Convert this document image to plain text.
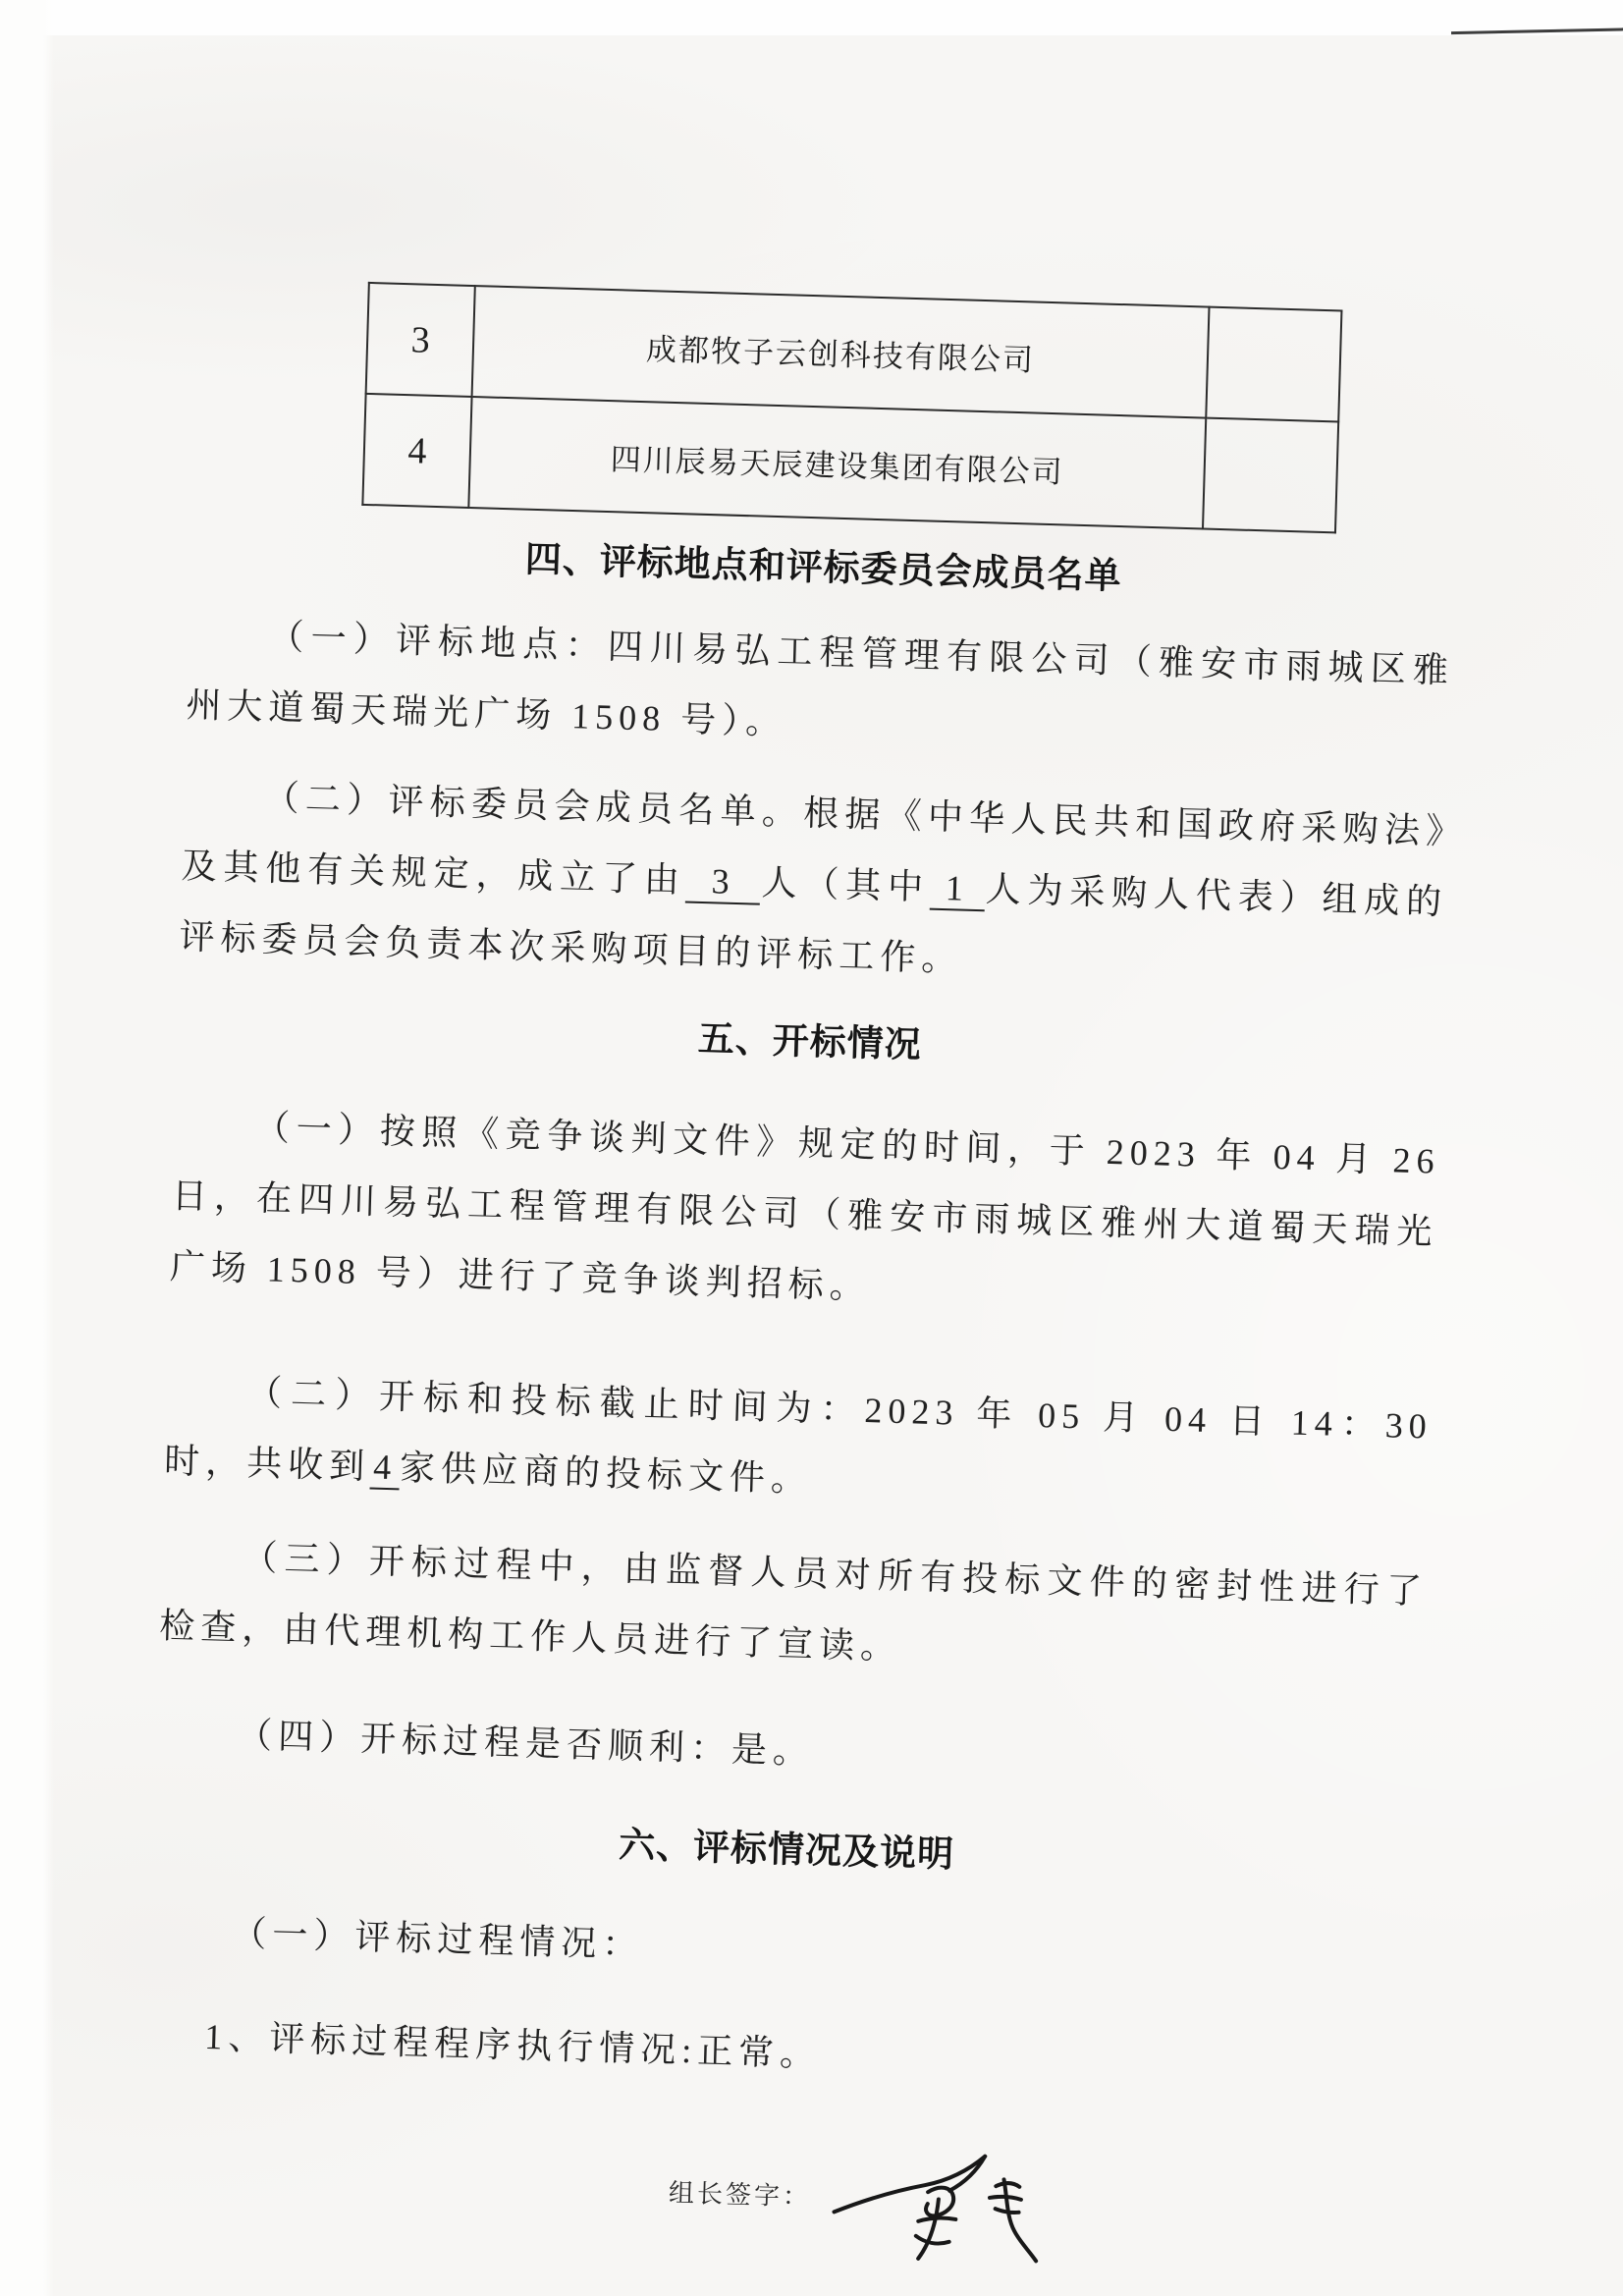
3	成都牧子云创科技有限公司	
4	四川辰易天辰建设集团有限公司	
四、评标地点和评标委员会成员名单

（一）评标地点：四川易弘工程管理有限公司（雅安市雨城区雅州大道蜀天瑞光广场 1508 号）。

（二）评标委员会成员名单。根据《中华人民共和国政府采购法》及其他有关规定，成立了由 3 人（其中 1 人为采购人代表）组成的评标委员会负责本次采购项目的评标工作。

五、开标情况

（一）按照《竞争谈判文件》规定的时间，于 2023 年 04 月 26 日，在四川易弘工程管理有限公司（雅安市雨城区雅州大道蜀天瑞光广场 1508 号）进行了竞争谈判招标。

（二）开标和投标截止时间为：2023 年 05 月 04 日 14：30 时，共收到4家供应商的投标文件。

（三）开标过程中，由监督人员对所有投标文件的密封性进行了检查，由代理机构工作人员进行了宣读。

（四）开标过程是否顺利：是。

六、评标情况及说明

（一）评标过程情况：

1、评标过程程序执行情况:正常。

组长签字：
